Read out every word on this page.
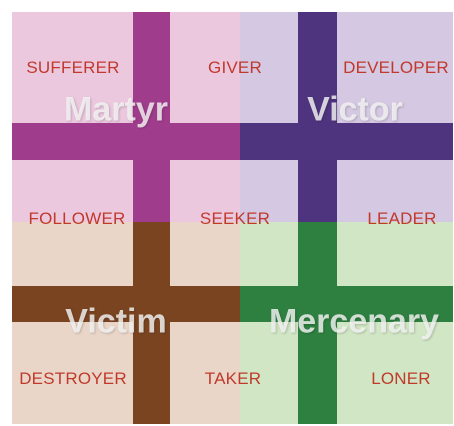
SUFFERER	GIVER	DEVELOPER
FOLLOWER	SEEKER	LEADER
DESTROYER	TAKER	LONER
Martyr	Victor
Victim	Mercenary
